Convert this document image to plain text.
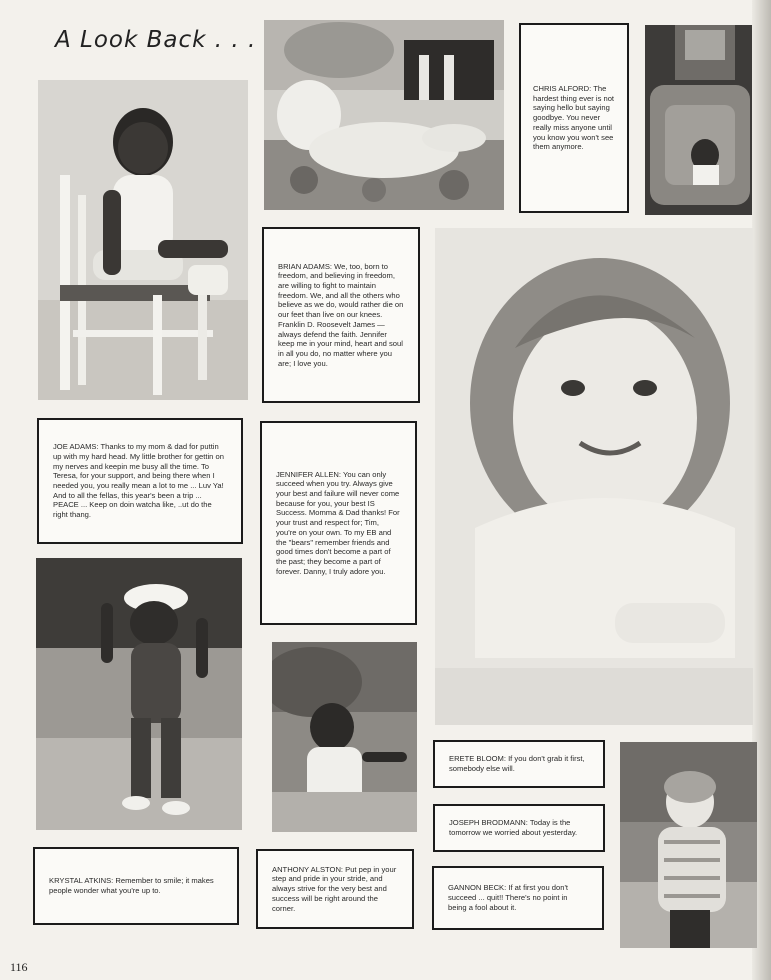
A Look Back . . .

CHRIS ALFORD: The hardest thing ever is not saying hello but saying goodbye. You never really miss anyone until you know you won't see them anymore.

BRIAN ADAMS: We, too, born to freedom, and believing in freedom, are willing to fight to maintain freedom. We, and all the others who believe as we do, would rather die on our feet than live on our knees. Franklin D. Roosevelt James — always defend the faith. Jennifer keep me in your mind, heart and soul in all you do, no matter where you are; I love you.

JOE ADAMS: Thanks to my mom & dad for puttin up with my hard head. My little brother for gettin on my nerves and keepin me busy all the time. To Teresa, for your support, and being there when I needed you, you really mean a lot to me ... Luv Ya! And to all the fellas, this year's been a trip ... PEACE ... Keep on doin watcha like, ..ut do the right thang.

JENNIFER ALLEN: You can only succeed when you try. Always give your best and failure will never come because for you, your best IS Success. Momma & Dad thanks! For your trust and respect for; Tim, you're on your own. To my EB and the "bears" remember friends and good times don't become a part of the past; they become a part of forever. Danny, I truly adore you.

ERETE BLOOM: If you don't grab it first, somebody else will.

JOSEPH BRODMANN: Today is the tomorrow we worried about yesterday.

KRYSTAL ATKINS: Remember to smile; it makes people wonder what you're up to.

ANTHONY ALSTON: Put pep in your step and pride in your stride, and always strive for the very best and success will be right around the corner.

GANNON BECK: If at first you don't succeed ... quit!! There's no point in being a fool about it.

116
